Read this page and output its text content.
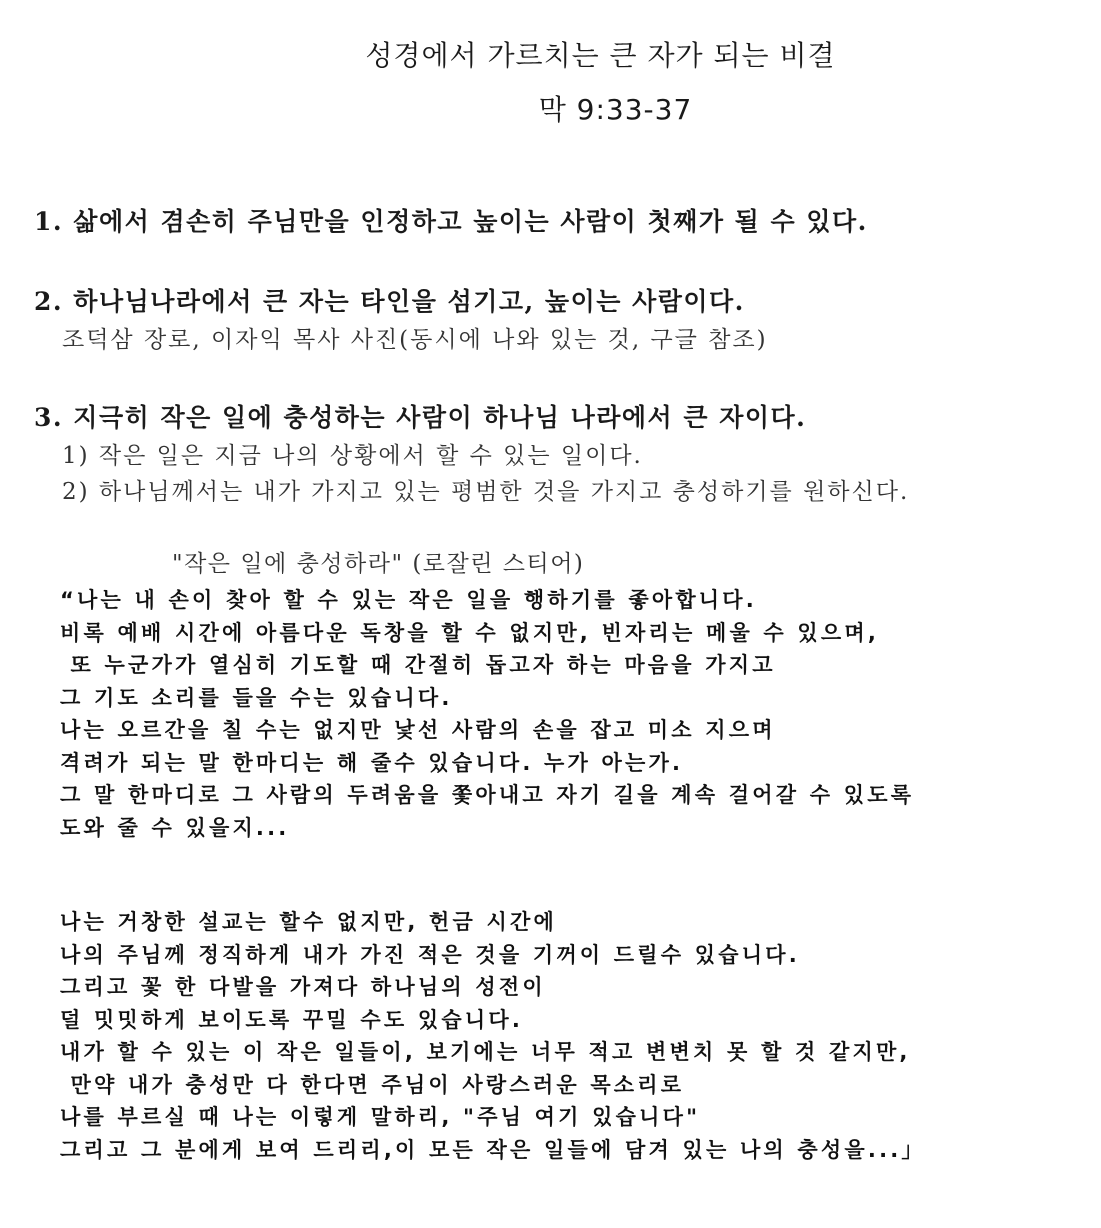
성경에서 가르치는 큰 자가 되는 비결
막 9:33-37
1. 삶에서 겸손히 주님만을 인정하고 높이는 사람이 첫째가 될 수 있다.
2. 하나님나라에서 큰 자는 타인을 섬기고, 높이는 사람이다.
조덕삼 장로, 이자익 목사 사진(동시에 나와 있는 것, 구글 참조)
3. 지극히 작은 일에 충성하는 사람이 하나님 나라에서 큰 자이다.
1) 작은 일은 지금 나의 상황에서 할 수 있는 일이다.
2) 하나님께서는 내가 가지고 있는 평범한 것을 가지고 충성하기를 원하신다.
"작은 일에 충성하라" (로잘린 스티어)
“나는 내 손이 찾아 할 수 있는 작은 일을 행하기를 좋아합니다.
비록 예배 시간에 아름다운 독창을 할 수 없지만, 빈자리는 메울 수 있으며,
또 누군가가 열심히 기도할 때 간절히 돕고자 하는 마음을 가지고
그 기도 소리를 들을 수는 있습니다.
나는 오르간을 칠 수는 없지만 낯선 사람의 손을 잡고 미소 지으며
격려가 되는 말 한마디는 해 줄수 있습니다. 누가 아는가.
그 말 한마디로 그 사람의 두려움을 쫓아내고 자기 길을 계속 걸어갈 수 있도록
도와 줄 수 있을지...
나는 거창한 설교는 할수 없지만, 헌금 시간에
나의 주님께 정직하게 내가 가진 적은 것을 기꺼이 드릴수 있습니다.
그리고 꽃 한 다발을 가져다 하나님의 성전이
덜 밋밋하게 보이도록 꾸밀 수도 있습니다.
내가 할 수 있는 이 작은 일들이, 보기에는 너무 적고 변변치 못 할 것 같지만,
만약 내가 충성만 다 한다면 주님이 사랑스러운 목소리로
나를 부르실 때 나는 이렇게 말하리, "주님 여기 있습니다"
그리고 그 분에게 보여 드리리,이 모든 작은 일들에 담겨 있는 나의 충성을...」
